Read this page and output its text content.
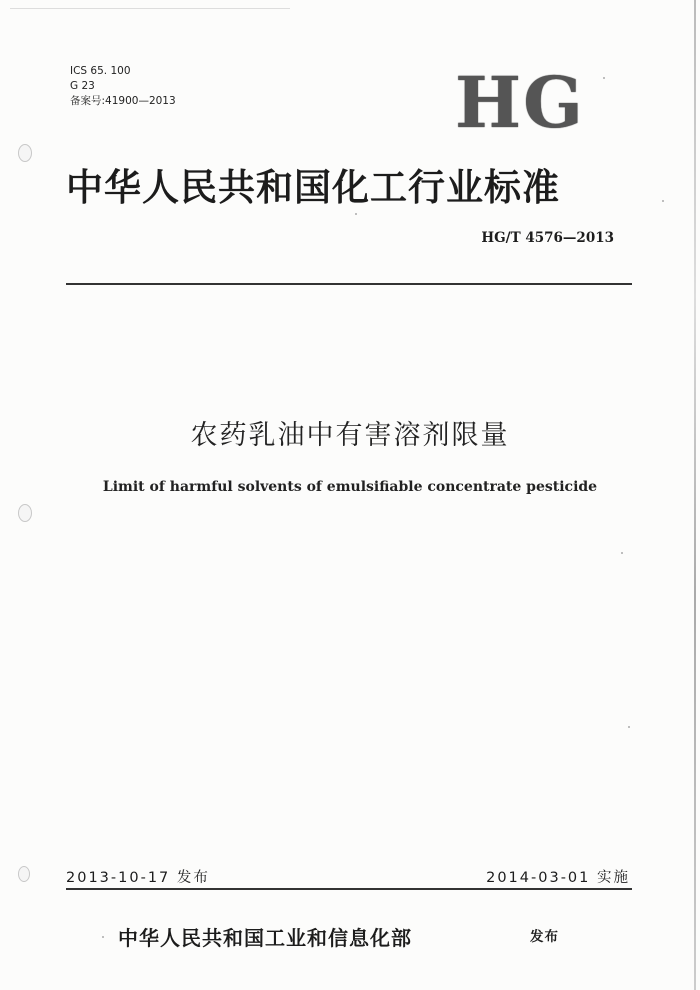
ICS 65. 100
G 23
备案号:41900—2013	HG
中华人民共和国化工行业标准
HG/T 4576—2013
农药乳油中有害溶剂限量
Limit of harmful solvents of emulsifiable concentrate pesticide
2013-10-17 发布	2014-03-01 实施
中华人民共和国工业和信息化部	发布
